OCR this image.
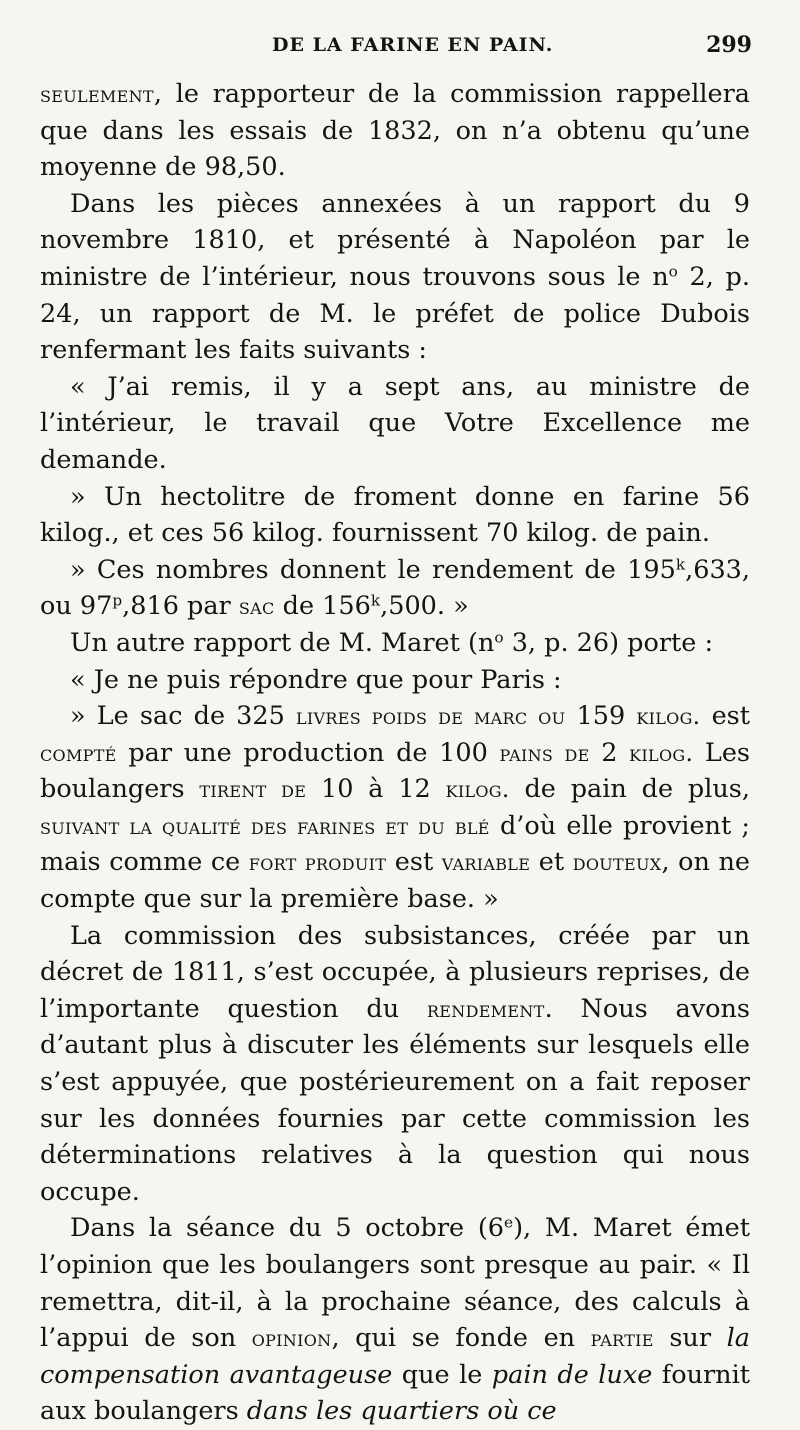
DE LA FARINE EN PAIN.	299

seulement, le rapporteur de la commission rappellera que dans les essais de 1832, on n’a obtenu qu’une moyenne de 98,50.

Dans les pièces annexées à un rapport du 9 novembre 1810, et présenté à Napoléon par le ministre de l’intérieur, nous trouvons sous le $n^o$ 2, p. 24, un rapport de M. le préfet de police Dubois renfermant les faits suivants :

« J’ai remis, il y a sept ans, au ministre de l’intérieur, le travail que Votre Excellence me demande.

» Un hectolitre de froment donne en farine 56 kilog., et ces 56 kilog. fournissent 70 kilog. de pain.

» Ces nombres donnent le rendement de 195$^k$,633, ou 97$^p$,816 par sac de 156$^k$,500. »

Un autre rapport de M. Maret ($n^o$ 3, p. 26) porte :

« Je ne puis répondre que pour Paris :

» Le sac de 325 livres poids de marc ou 159 kilog. est compté par une production de 100 pains de 2 kilog. Les boulangers tirent de 10 à 12 kilog. de pain de plus, suivant la qualité des farines et du blé d’où elle provient ; mais comme ce fort produit est variable et douteux, on ne compte que sur la première base. »

La commission des subsistances, créée par un décret de 1811, s’est occupée, à plusieurs reprises, de l’importante question du rendement. Nous avons d’autant plus à discuter les éléments sur lesquels elle s’est appuyée, que postérieurement on a fait reposer sur les données fournies par cette commission les déterminations relatives à la question qui nous occupe.

Dans la séance du 5 octobre (6e), M. Maret émet l’opinion que les boulangers sont presque au pair. « Il remettra, dit-il, à la prochaine séance, des calculs à l’appui de son opinion, qui se fonde en partie sur la compensation avantageuse que le pain de luxe fournit aux boulangers dans les quartiers où ce
